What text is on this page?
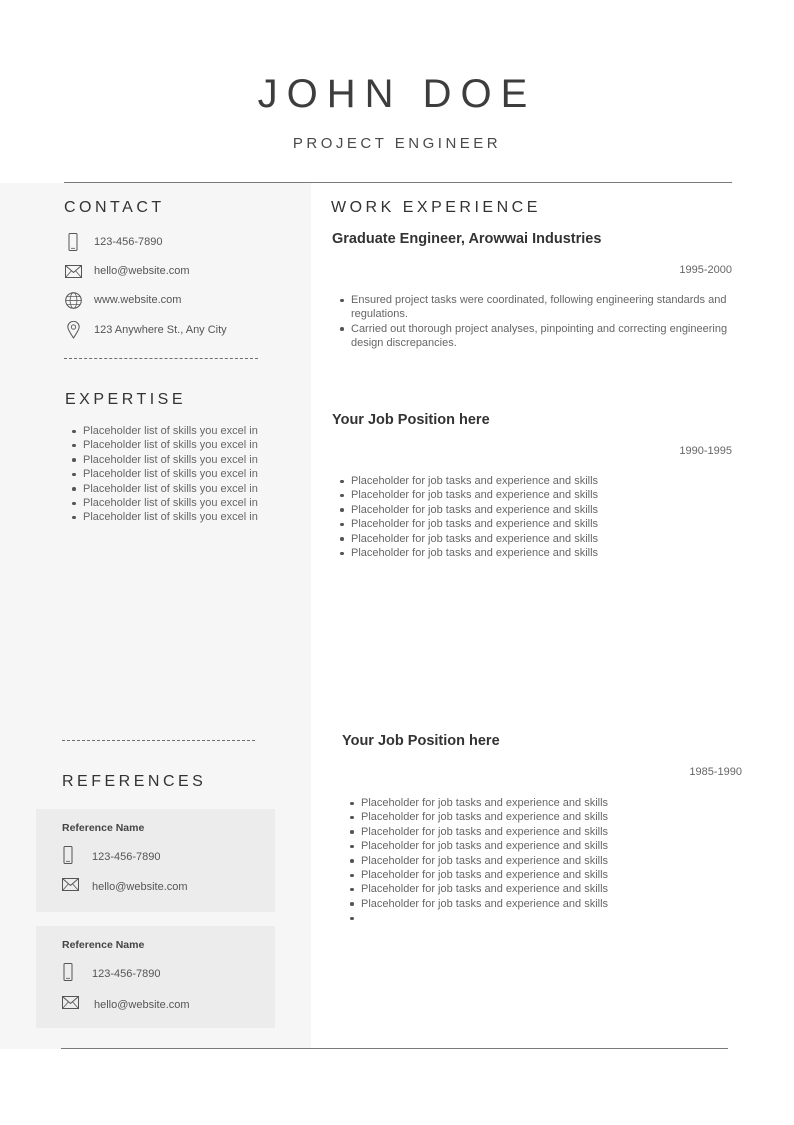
JOHN DOE
PROJECT ENGINEER
CONTACT
123-456-7890
hello@website.com
www.website.com
123 Anywhere St., Any City
EXPERTISE
Placeholder list of skills you excel in
Placeholder list of skills you excel in
Placeholder list of skills you excel in
Placeholder list of skills you excel in
Placeholder list of skills you excel in
Placeholder list of skills you excel in
Placeholder list of skills you excel in
REFERENCES
Reference Name
123-456-7890
hello@website.com
Reference Name
123-456-7890
hello@website.com
WORK EXPERIENCE
Graduate Engineer, Arowwai Industries
1995-2000
Ensured project tasks were coordinated, following engineering standards and regulations.
Carried out thorough project analyses, pinpointing and correcting engineering design discrepancies.
Your Job Position here
1990-1995
Placeholder for job tasks and experience and skills
Placeholder for job tasks and experience and skills
Placeholder for job tasks and experience and skills
Placeholder for job tasks and experience and skills
Placeholder for job tasks and experience and skills
Placeholder for job tasks and experience and skills
Your Job Position here
1985-1990
Placeholder for job tasks and experience and skills
Placeholder for job tasks and experience and skills
Placeholder for job tasks and experience and skills
Placeholder for job tasks and experience and skills
Placeholder for job tasks and experience and skills
Placeholder for job tasks and experience and skills
Placeholder for job tasks and experience and skills
Placeholder for job tasks and experience and skills
